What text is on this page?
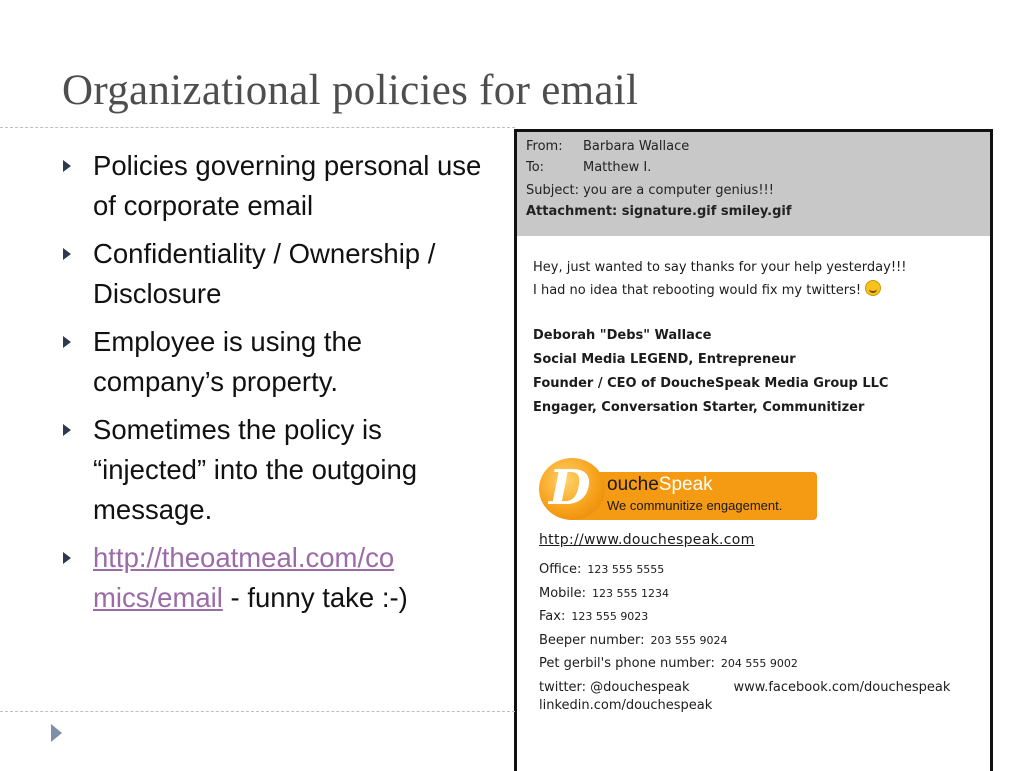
Organizational policies for email
Policies governing personal use of corporate email
Confidentiality / Ownership / Disclosure
Employee is using the company’s property.
Sometimes the policy is “injected” into the outgoing message.
http://theoatmeal.com/co
mics/email - funny take :-)
From: Barbara Wallace
To:	Matthew I.
Subject: you are a computer genius!!!
Attachment: signature.gif smiley.gif
Hey, just wanted to say thanks for your help yesterday!!!
I had no idea that rebooting would fix my twitters!
Deborah "Debs" Wallace
Social Media LEGEND, Entrepreneur
Founder / CEO of DoucheSpeak Media Group LLC
Engager, Conversation Starter, Communitizer
D oucheSpeak
We communitize engagement.
http://www.douchespeak.com
Office: 123 555 5555
Mobile: 123 555 1234
Fax: 123 555 9023
Beeper number: 203 555 9024
Pet gerbil's phone number: 204 555 9002
twitter: @douchespeak	www.facebook.com/douchespeak
linkedin.com/douchespeak
